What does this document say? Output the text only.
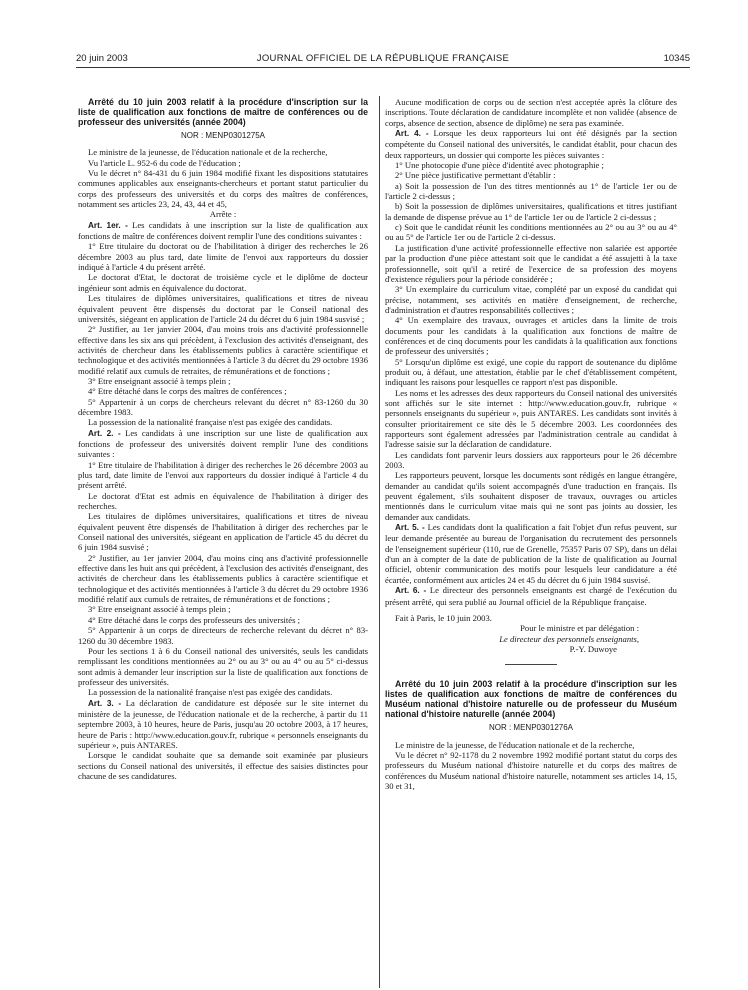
20 juin 2003	JOURNAL OFFICIEL DE LA RÉPUBLIQUE FRANÇAISE	10345

Arrêté du 10 juin 2003 relatif à la procédure d'inscription sur la liste de qualification aux fonctions de maître de conférences ou de professeur des universités (année 2004)

NOR : MENP0301275A

Le ministre de la jeunesse, de l'éducation nationale et de la recherche,

Vu l'article L. 952-6 du code de l'éducation ;

Vu le décret n° 84-431 du 6 juin 1984 modifié fixant les dispositions statutaires communes applicables aux enseignants-chercheurs et portant statut particulier du corps des professeurs des universités et du corps des maîtres de conférences, notamment ses articles 23, 24, 43, 44 et 45,

Arrête :

Art. 1er. - Les candidats à une inscription sur la liste de qualification aux fonctions de maître de conférences doivent remplir l'une des conditions suivantes :

1° Etre titulaire du doctorat ou de l'habilitation à diriger des recherches le 26 décembre 2003 au plus tard, date limite de l'envoi aux rapporteurs du dossier indiqué à l'article 4 du présent arrêté.

Le doctorat d'Etat, le doctorat de troisième cycle et le diplôme de docteur ingénieur sont admis en équivalence du doctorat.

Les titulaires de diplômes universitaires, qualifications et titres de niveau équivalent peuvent être dispensés du doctorat par le Conseil national des universités, siégeant en application de l'article 24 du décret du 6 juin 1984 susvisé ;

2° Justifier, au 1er janvier 2004, d'au moins trois ans d'activité professionnelle effective dans les six ans qui précèdent, à l'exclusion des activités d'enseignant, des activités de chercheur dans les établissements publics à caractère scientifique et technologique et des activités mentionnées à l'article 3 du décret du 29 octobre 1936 modifié relatif aux cumuls de retraites, de rémunérations et de fonctions ;

3° Etre enseignant associé à temps plein ;

4° Etre détaché dans le corps des maîtres de conférences ;

5° Appartenir à un corps de chercheurs relevant du décret n° 83-1260 du 30 décembre 1983.

La possession de la nationalité française n'est pas exigée des candidats.

Art. 2. - Les candidats à une inscription sur une liste de qualification aux fonctions de professeur des universités doivent remplir l'une des conditions suivantes :

1° Etre titulaire de l'habilitation à diriger des recherches le 26 décembre 2003 au plus tard, date limite de l'envoi aux rapporteurs du dossier indiqué à l'article 4 du présent arrêté.

Le doctorat d'Etat est admis en équivalence de l'habilitation à diriger des recherches.

Les titulaires de diplômes universitaires, qualifications et titres de niveau équivalent peuvent être dispensés de l'habilitation à diriger des recherches par le Conseil national des universités, siégeant en application de l'article 45 du décret du 6 juin 1984 susvisé ;

2° Justifier, au 1er janvier 2004, d'au moins cinq ans d'activité professionnelle effective dans les huit ans qui précèdent, à l'exclusion des activités d'enseignant, des activités de chercheur dans les établissements publics à caractère scientifique et technologique et des activités mentionnées à l'article 3 du décret du 29 octobre 1936 modifié relatif aux cumuls de retraites, de rémunérations et de fonctions ;

3° Etre enseignant associé à temps plein ;

4° Etre détaché dans le corps des professeurs des universités ;

5° Appartenir à un corps de directeurs de recherche relevant du décret n° 83-1260 du 30 décembre 1983.

Pour les sections 1 à 6 du Conseil national des universités, seuls les candidats remplissant les conditions mentionnées au 2° ou au 3° ou au 4° ou au 5° ci-dessus sont admis à demander leur inscription sur la liste de qualification aux fonctions de professeur des universités.

La possession de la nationalité française n'est pas exigée des candidats.

Art. 3. - La déclaration de candidature est déposée sur le site internet du ministère de la jeunesse, de l'éducation nationale et de la recherche, à partir du 11 septembre 2003, à 10 heures, heure de Paris, jusqu'au 20 octobre 2003, à 17 heures, heure de Paris : http://www.education.gouv.fr, rubrique « personnels enseignants du supérieur », puis ANTARES.

Lorsque le candidat souhaite que sa demande soit examinée par plusieurs sections du Conseil national des universités, il effectue des saisies distinctes pour chacune de ses candidatures.

Aucune modification de corps ou de section n'est acceptée après la clôture des inscriptions. Toute déclaration de candidature incomplète et non validée (absence de corps, absence de section, absence de diplôme) ne sera pas examinée.

Art. 4. - Lorsque les deux rapporteurs lui ont été désignés par la section compétente du Conseil national des universités, le candidat établit, pour chacun des deux rapporteurs, un dossier qui comporte les pièces suivantes :

1° Une photocopie d'une pièce d'identité avec photographie ;

2° Une pièce justificative permettant d'établir :

a) Soit la possession de l'un des titres mentionnés au 1° de l'article 1er ou de l'article 2 ci-dessus ;

b) Soit la possession de diplômes universitaires, qualifications et titres justifiant la demande de dispense prévue au 1° de l'article 1er ou de l'article 2 ci-dessus ;

c) Soit que le candidat réunit les conditions mentionnées au 2° ou au 3° ou au 4° ou au 5° de l'article 1er ou de l'article 2 ci-dessus.

La justification d'une activité professionnelle effective non salariée est apportée par la production d'une pièce attestant soit que le candidat a été assujetti à la taxe professionnelle, soit qu'il a retiré de l'exercice de sa profession des moyens d'existence réguliers pour la période considérée ;

3° Un exemplaire du curriculum vitae, complété par un exposé du candidat qui précise, notamment, ses activités en matière d'enseignement, de recherche, d'administration et d'autres responsabilités collectives ;

4° Un exemplaire des travaux, ouvrages et articles dans la limite de trois documents pour les candidats à la qualification aux fonctions de maître de conférences et de cinq documents pour les candidats à la qualification aux fonctions de professeur des universités ;

5° Lorsqu'un diplôme est exigé, une copie du rapport de soutenance du diplôme produit ou, à défaut, une attestation, établie par le chef d'établissement compétent, indiquant les raisons pour lesquelles ce rapport n'est pas disponible.

Les noms et les adresses des deux rapporteurs du Conseil national des universités sont affichés sur le site internet : http://www.education.gouv.fr, rubrique « personnels enseignants du supérieur », puis ANTARES. Les candidats sont invités à consulter prioritairement ce site dès le 5 décembre 2003. Les coordonnées des rapporteurs sont également adressées par l'administration centrale au candidat à l'adresse saisie sur la déclaration de candidature.

Les candidats font parvenir leurs dossiers aux rapporteurs pour le 26 décembre 2003.

Les rapporteurs peuvent, lorsque les documents sont rédigés en langue étrangère, demander au candidat qu'ils soient accompagnés d'une traduction en français. Ils peuvent également, s'ils souhaitent disposer de travaux, ouvrages ou articles mentionnés dans le curriculum vitae mais qui ne sont pas joints au dossier, les demander aux candidats.

Art. 5. - Les candidats dont la qualification a fait l'objet d'un refus peuvent, sur leur demande présentée au bureau de l'organisation du recrutement des personnels de l'enseignement supérieur (110, rue de Grenelle, 75357 Paris 07 SP), dans un délai d'un an à compter de la date de publication de la liste de qualification au Journal officiel, obtenir communication des motifs pour lesquels leur candidature a été écartée, conformément aux articles 24 et 45 du décret du 6 juin 1984 susvisé.

Art. 6. - Le directeur des personnels enseignants est chargé de l'exécution du présent arrêté, qui sera publié au Journal officiel de la République française.

Fait à Paris, le 10 juin 2003.

Pour le ministre et par délégation :
Le directeur des personnels enseignants,
P.-Y. Duwoye

Arrêté du 10 juin 2003 relatif à la procédure d'inscription sur les listes de qualification aux fonctions de maître de conférences du Muséum national d'histoire naturelle ou de professeur du Muséum national d'histoire naturelle (année 2004)

NOR : MENP0301276A

Le ministre de la jeunesse, de l'éducation nationale et de la recherche,

Vu le décret n° 92-1178 du 2 novembre 1992 modifié portant statut du corps des professeurs du Muséum national d'histoire naturelle et du corps des maîtres de conférences du Muséum national d'histoire naturelle, notamment ses articles 14, 15, 30 et 31,
